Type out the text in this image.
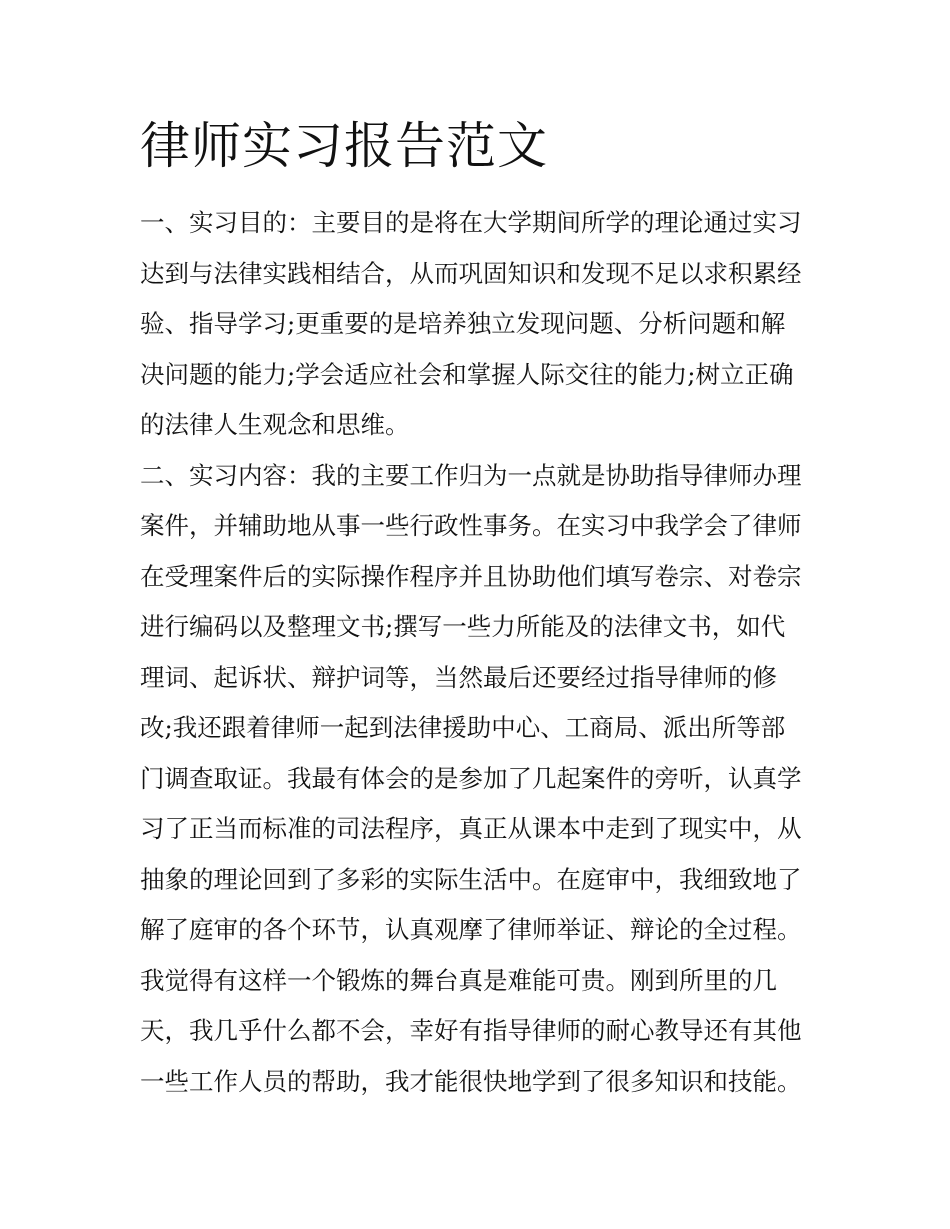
律师实习报告范文
一、实习目的：主要目的是将在大学期间所学的理论通过实习
达到与法律实践相结合，从而巩固知识和发现不足以求积累经
验、指导学习;更重要的是培养独立发现问题、分析问题和解
决问题的能力;学会适应社会和掌握人际交往的能力;树立正确
的法律人生观念和思维。
二、实习内容：我的主要工作归为一点就是协助指导律师办理
案件，并辅助地从事一些行政性事务。在实习中我学会了律师
在受理案件后的实际操作程序并且协助他们填写卷宗、对卷宗
进行编码以及整理文书;撰写一些力所能及的法律文书，如代
理词、起诉状、辩护词等，当然最后还要经过指导律师的修
改;我还跟着律师一起到法律援助中心、工商局、派出所等部
门调查取证。我最有体会的是参加了几起案件的旁听，认真学
习了正当而标准的司法程序，真正从课本中走到了现实中，从
抽象的理论回到了多彩的实际生活中。在庭审中，我细致地了
解了庭审的各个环节，认真观摩了律师举证、辩论的全过程。
我觉得有这样一个锻炼的舞台真是难能可贵。刚到所里的几
天，我几乎什么都不会，幸好有指导律师的耐心教导还有其他
一些工作人员的帮助，我才能很快地学到了很多知识和技能。
